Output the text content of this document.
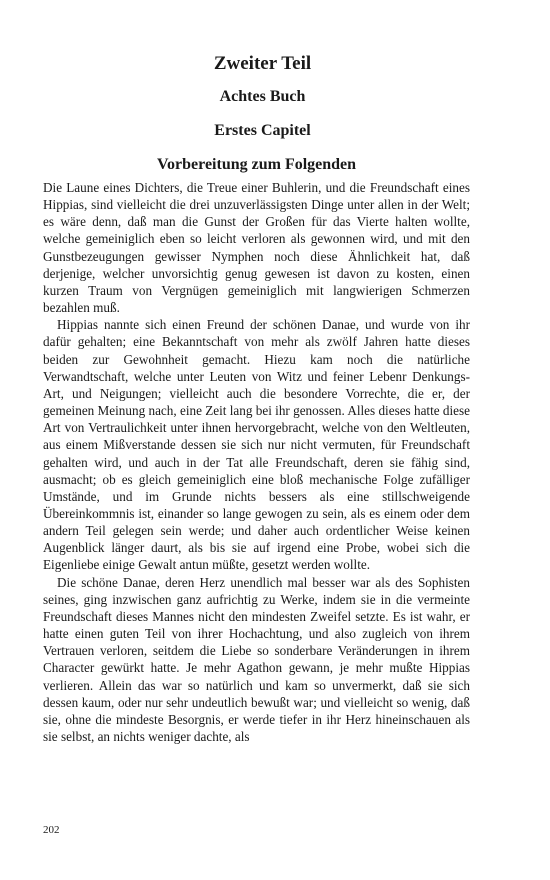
Zweiter Teil
Achtes Buch
Erstes Capitel
Vorbereitung zum Folgenden

Die Laune eines Dichters, die Treue einer Buhlerin, und die Freundschaft eines Hippias, sind vielleicht die drei unzuverlässigsten Dinge unter allen in der Welt; es wäre denn, daß man die Gunst der Großen für das Vierte halten wollte, welche gemeiniglich eben so leicht verloren als gewonnen wird, und mit den Gunstbezeugungen gewisser Nymphen noch diese Ähnlichkeit hat, daß derjenige, welcher unvorsichtig genug gewesen ist davon zu kosten, einen kurzen Traum von Vergnügen gemeiniglich mit langwierigen Schmerzen bezahlen muß.

Hippias nannte sich einen Freund der schönen Danae, und wurde von ihr dafür gehalten; eine Bekanntschaft von mehr als zwölf Jahren hatte dieses beiden zur Gewohnheit gemacht. Hiezu kam noch die natürliche Verwandtschaft, welche unter Leuten von Witz und feiner Lebenr Denkungs-Art, und Neigungen; vielleicht auch die besondere Vorrechte, die er, der gemeinen Meinung nach, eine Zeit lang bei ihr genossen. Alles dieses hatte diese Art von Vertraulichkeit unter ihnen hervorgebracht, welche von den Weltleuten, aus einem Mißverstande dessen sie sich nur nicht vermuten, für Freundschaft gehalten wird, und auch in der Tat alle Freundschaft, deren sie fähig sind, ausmacht; ob es gleich gemeiniglich eine bloß mechanische Folge zufälliger Umstände, und im Grunde nichts bessers als eine stillschweigende Übereinkommnis ist, einander so lange gewogen zu sein, als es einem oder dem andern Teil gelegen sein werde; und daher auch ordentlicher Weise keinen Augenblick länger daurt, als bis sie auf irgend eine Probe, wobei sich die Eigenliebe einige Gewalt antun müßte, gesetzt werden wollte.

Die schöne Danae, deren Herz unendlich mal besser war als des Sophisten seines, ging inzwischen ganz aufrichtig zu Werke, indem sie in die vermeinte Freundschaft dieses Mannes nicht den mindesten Zweifel setzte. Es ist wahr, er hatte einen guten Teil von ihrer Hochachtung, und also zugleich von ihrem Vertrauen verloren, seitdem die Liebe so sonderbare Veränderungen in ihrem Character gewürkt hatte. Je mehr Agathon gewann, je mehr mußte Hippias verlieren. Allein das war so natürlich und kam so unvermerkt, daß sie sich dessen kaum, oder nur sehr undeutlich bewußt war; und vielleicht so wenig, daß sie, ohne die mindeste Besorgnis, er werde tiefer in ihr Herz hineinschauen als sie selbst, an nichts weniger dachte, als

202
